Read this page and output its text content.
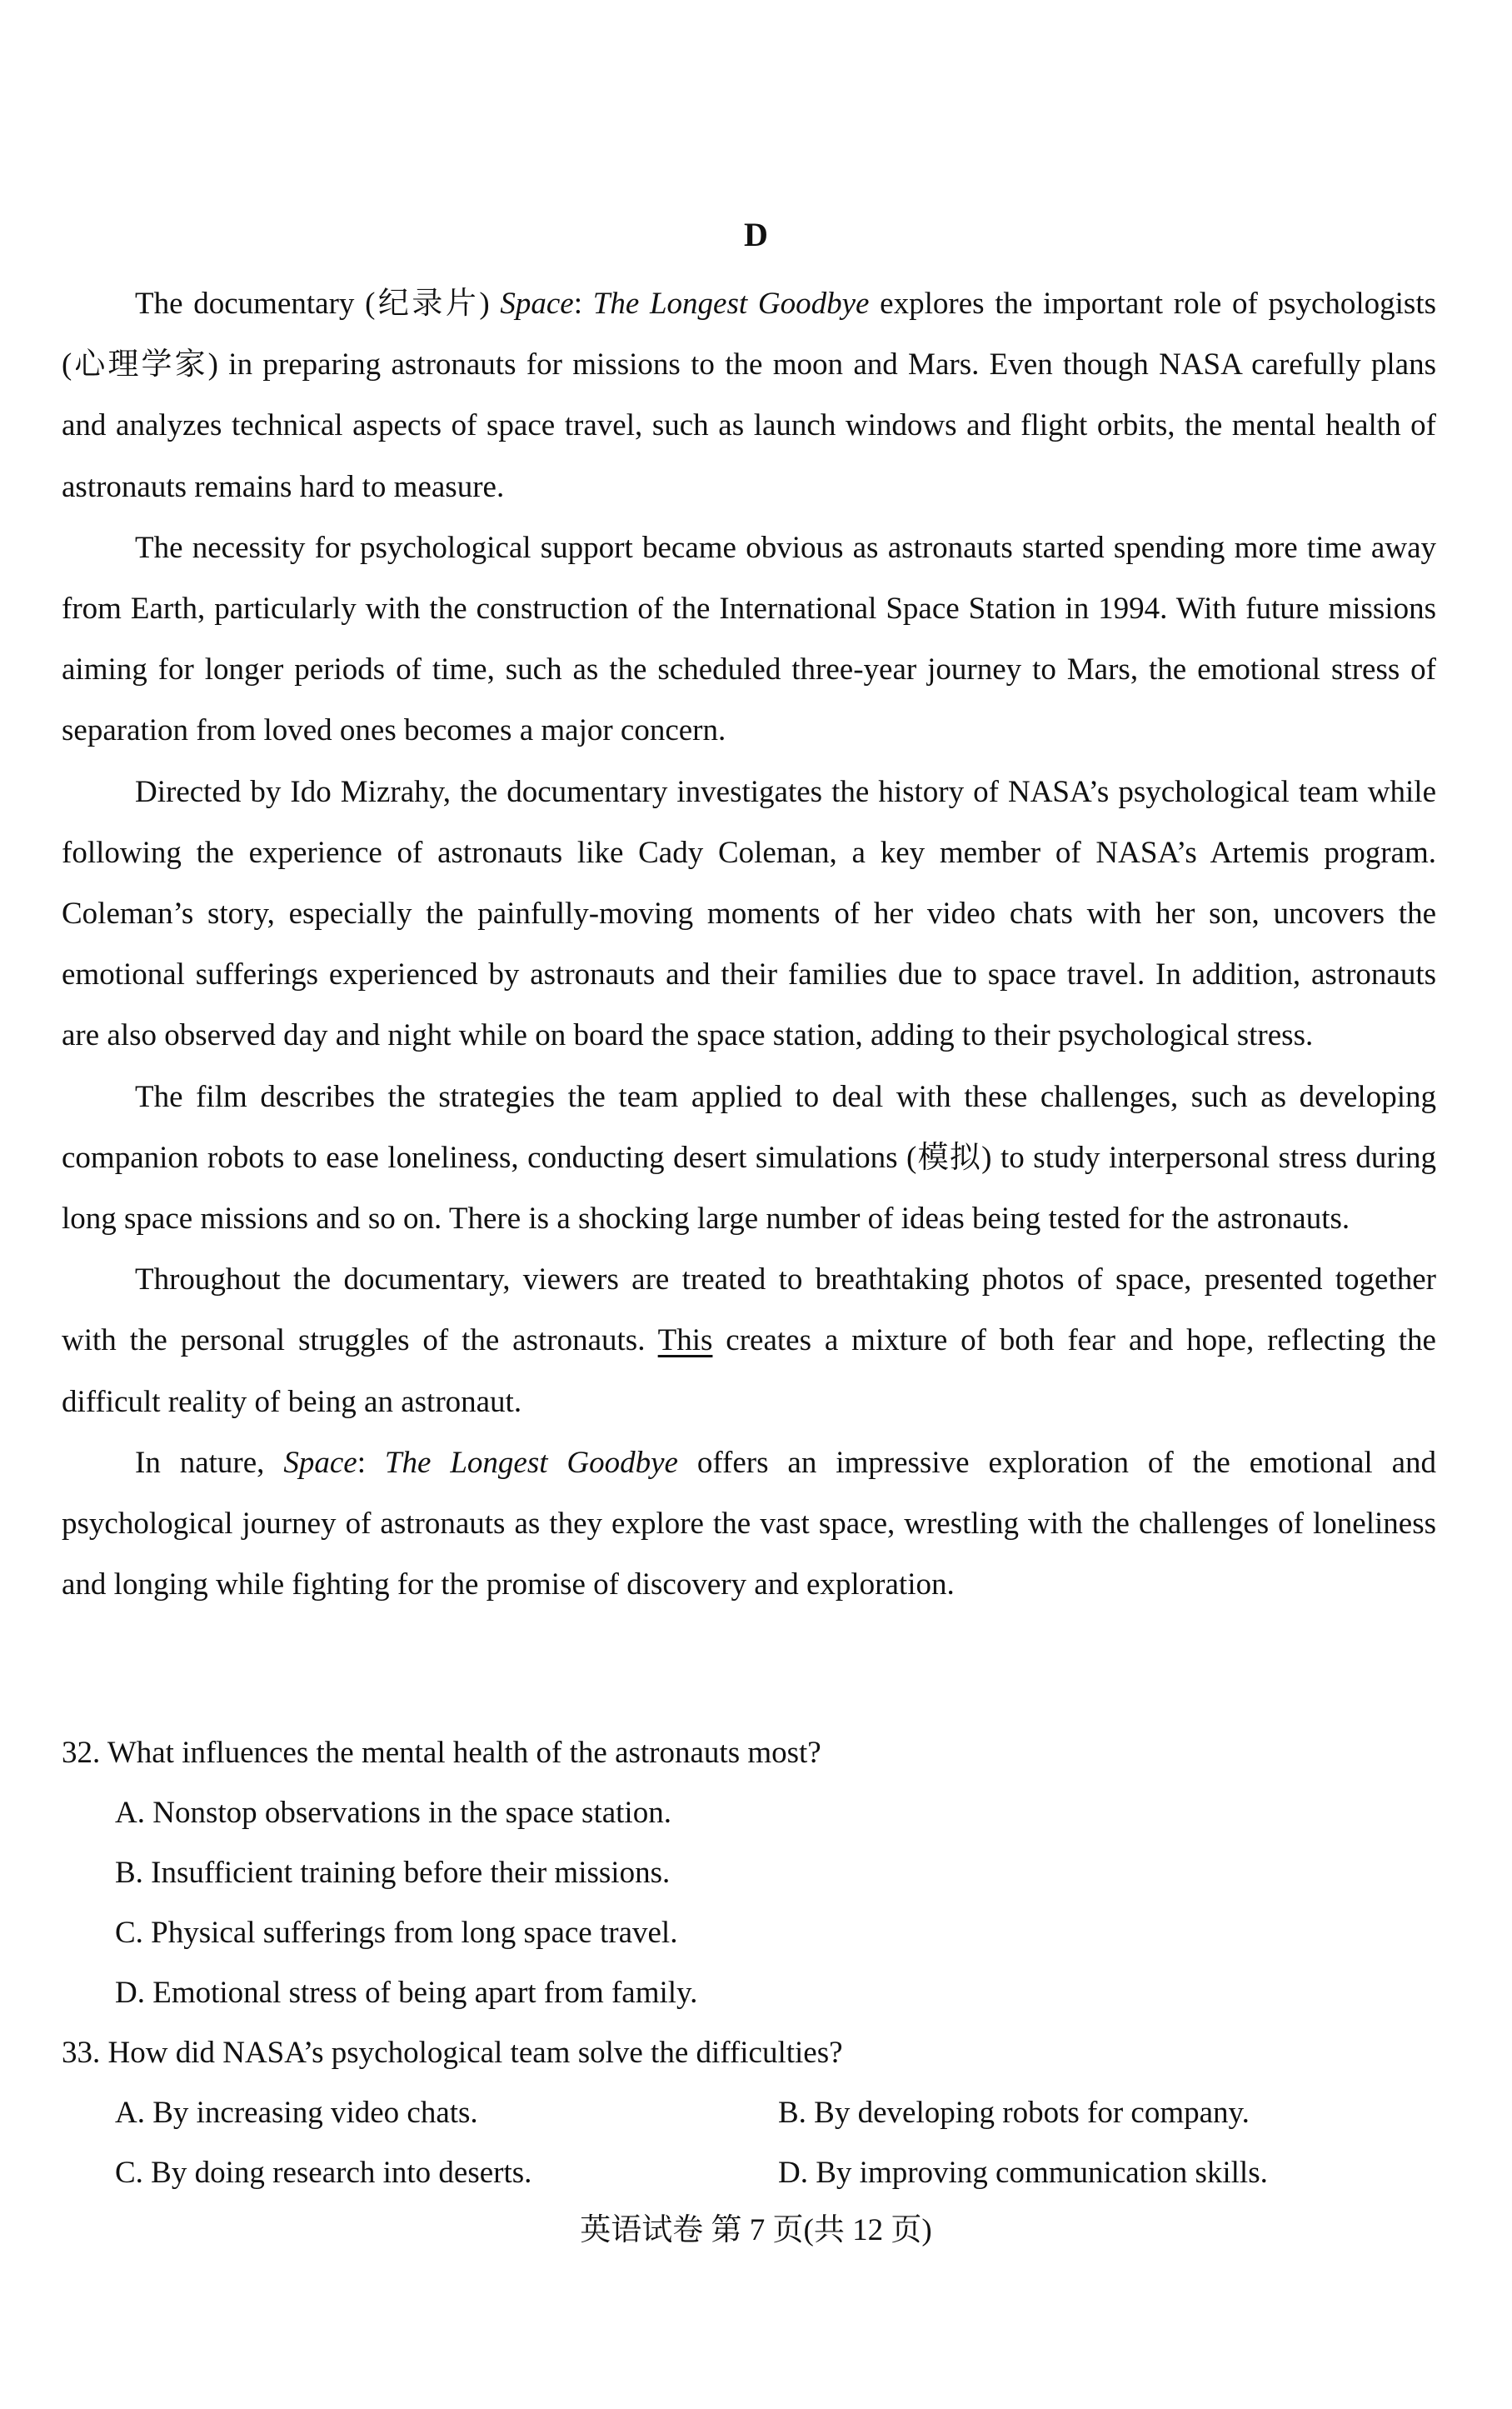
D

The documentary (纪录片) Space: The Longest Goodbye explores the important role of psychologists (心理学家) in preparing astronauts for missions to the moon and Mars. Even though NASA carefully plans and analyzes technical aspects of space travel, such as launch windows and flight orbits, the mental health of astronauts remains hard to measure.

The necessity for psychological support became obvious as astronauts started spending more time away from Earth, particularly with the construction of the International Space Station in 1994. With future missions aiming for longer periods of time, such as the scheduled three-year journey to Mars, the emotional stress of separation from loved ones becomes a major concern.

Directed by Ido Mizrahy, the documentary investigates the history of NASA’s psychological team while following the experience of astronauts like Cady Coleman, a key member of NASA’s Artemis program. Coleman’s story, especially the painfully-moving moments of her video chats with her son, uncovers the emotional sufferings experienced by astronauts and their families due to space travel. In addition, astronauts are also observed day and night while on board the space station, adding to their psychological stress.

The film describes the strategies the team applied to deal with these challenges, such as developing companion robots to ease loneliness, conducting desert simulations (模拟) to study interpersonal stress during long space missions and so on. There is a shocking large number of ideas being tested for the astronauts.

Throughout the documentary, viewers are treated to breathtaking photos of space, presented together with the personal struggles of the astronauts. This creates a mixture of both fear and hope, reflecting the difficult reality of being an astronaut.

In nature, Space: The Longest Goodbye offers an impressive exploration of the emotional and psychological journey of astronauts as they explore the vast space, wrestling with the challenges of loneliness and longing while fighting for the promise of discovery and exploration.

32. What influences the mental health of the astronauts most?

A. Nonstop observations in the space station.
B. Insufficient training before their missions.
C. Physical sufferings from long space travel.
D. Emotional stress of being apart from family.

33. How did NASA’s psychological team solve the difficulties?

A. By increasing video chats.	B. By developing robots for company.
C. By doing research into deserts.	D. By improving communication skills.
英语试卷 第 7 页(共 12 页)
